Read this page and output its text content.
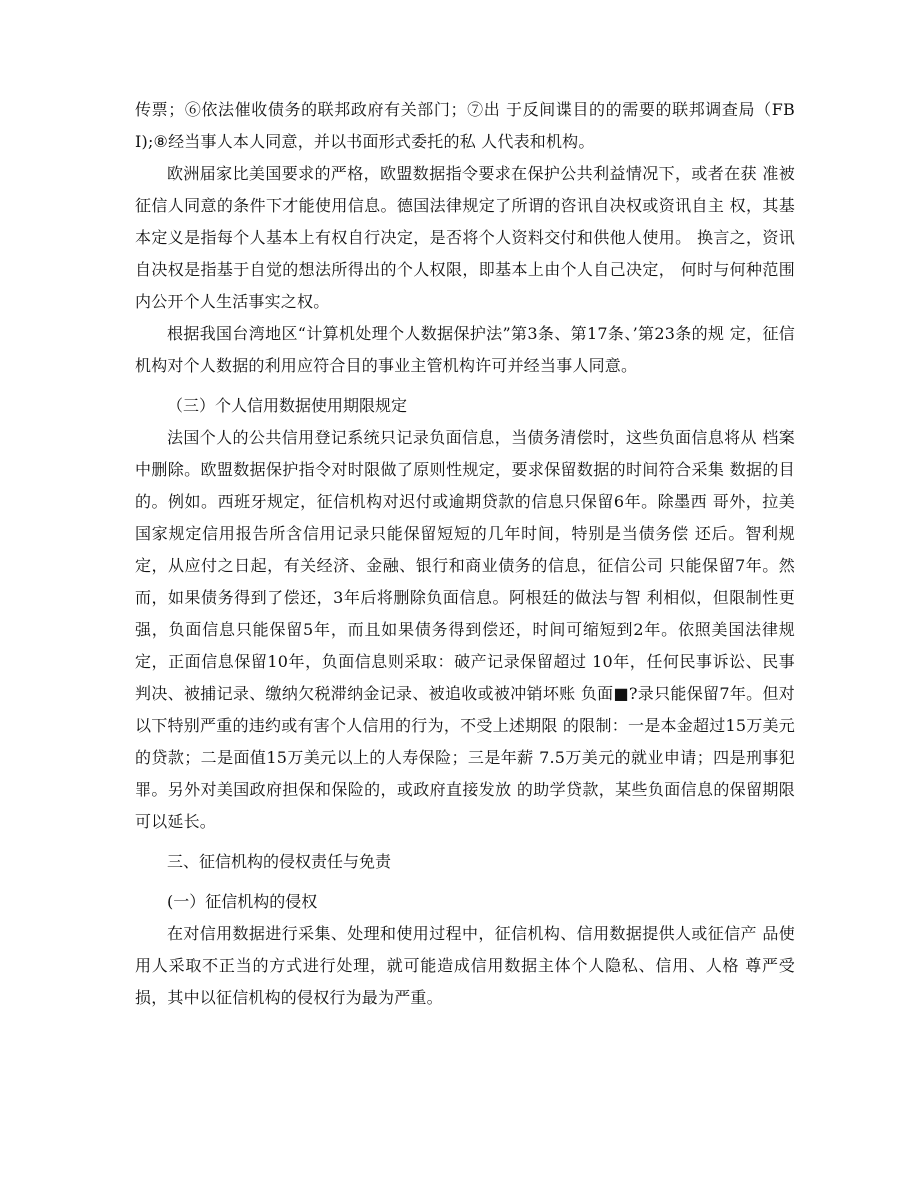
传票；⑥依法催收债务的联邦政府有关部门；⑦出 于反间谍目的的需要的联邦调查局（FBI);⑧经当事人本人同意，并以书面形式委托的私 人代表和机构。

欧洲届家比美国要求的严格，欧盟数据指令要求在保护公共利益情况下，或者在获 准被征信人同意的条件下才能使用信息。德国法律规定了所谓的咨讯自决权或资讯自主 权，其基本定义是指每个人基本上有权自行决定，是否将个人资料交付和供他人使用。 换言之，资讯自决权是指基于自觉的想法所得出的个人权限，即基本上由个人自己决定， 何时与何种范围内公开个人生活事实之权。

根据我国台湾地区“计算机处理个人数据保护法”第3条、第17条、’第23条的规 定，征信机构对个人数据的利用应符合目的事业主管机构许可并经当事人同意。

（三）个人信用数据使用期限规定

法国个人的公共信用登记系统只记录负面信息，当债务清偿时，这些负面信息将从 档案中删除。欧盟数据保护指令对时限做了原则性规定，要求保留数据的时间符合采集 数据的目的。例如。西班牙规定，征信机构对迟付或逾期贷款的信息只保留6年。除墨西 哥外，拉美国家规定信用报告所含信用记录只能保留短短的几年时间，特别是当债务偿 还后。智利规定，从应付之日起，有关经济、金融、银行和商业债务的信息，征信公司 只能保留7年。然而，如果债务得到了偿还，3年后将删除负面信息。阿根廷的做法与智 利相似，但限制性更强，负面信息只能保留5年，而且如果债务得到偿还，时间可缩短到2年。依照美国法律规定，正面信息保留10年，负面信息则采取：破产记录保留超过 10年，任何民事诉讼、民事判决、被捕记录、缴纳欠税滞纳金记录、被追收或被冲销坏账 负面■?录只能保留7年。但对以下特别严重的违约或有害个人信用的行为，不受上述期限 的限制：一是本金超过15万美元的贷款；二是面值15万美元以上的人寿保险；三是年薪 7.5万美元的就业申请；四是刑事犯罪。另外对美国政府担保和保险的，或政府直接发放 的助学贷款，某些负面信息的保留期限可以延长。

三、征信机构的侵权责任与免责

(一）征信机构的侵权

在对信用数据进行采集、处理和使用过程中，征信机构、信用数据提供人或征信产 品使用人采取不正当的方式进行处理，就可能造成信用数据主体个人隐私、信用、人格 尊严受损，其中以征信机构的侵权行为最为严重。
